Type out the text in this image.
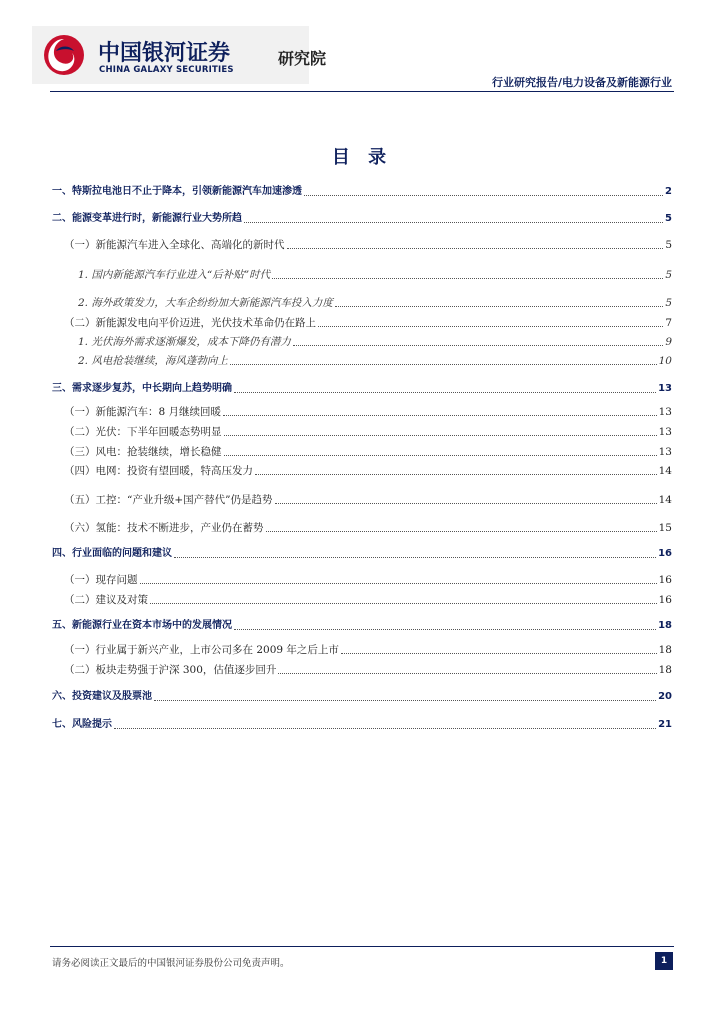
中国银河证券
CHINA GALAXY SECURITIES
研究院
行业研究报告/电力设备及新能源行业
目 录
一、特斯拉电池日不止于降本，引领新能源汽车加速渗透	2
二、能源变革进行时，新能源行业大势所趋	5
（一）新能源汽车进入全球化、高端化的新时代	5
1. 国内新能源汽车行业进入“后补贴”时代	5
2. 海外政策发力，大车企纷纷加大新能源汽车投入力度	5
（二）新能源发电向平价迈进，光伏技术革命仍在路上	7
1. 光伏海外需求逐渐爆发，成本下降仍有潜力	9
2. 风电抢装继续，海风蓬勃向上	10
三、需求逐步复苏，中长期向上趋势明确	13
（一）新能源汽车：8 月继续回暖	13
（二）光伏：下半年回暖态势明显	13
（三）风电：抢装继续，增长稳健	13
（四）电网：投资有望回暖，特高压发力	14
（五）工控：“产业升级+国产替代”仍是趋势	14
（六）氢能：技术不断进步，产业仍在蓄势	15
四、行业面临的问题和建议	16
（一）现存问题	16
（二）建议及对策	16
五、新能源行业在资本市场中的发展情况	18
（一）行业属于新兴产业，上市公司多在 2009 年之后上市	18
（二）板块走势强于沪深 300，估值逐步回升	18
六、投资建议及股票池	20
七、风险提示	21
请务必阅读正文最后的中国银河证券股份公司免责声明。	1
